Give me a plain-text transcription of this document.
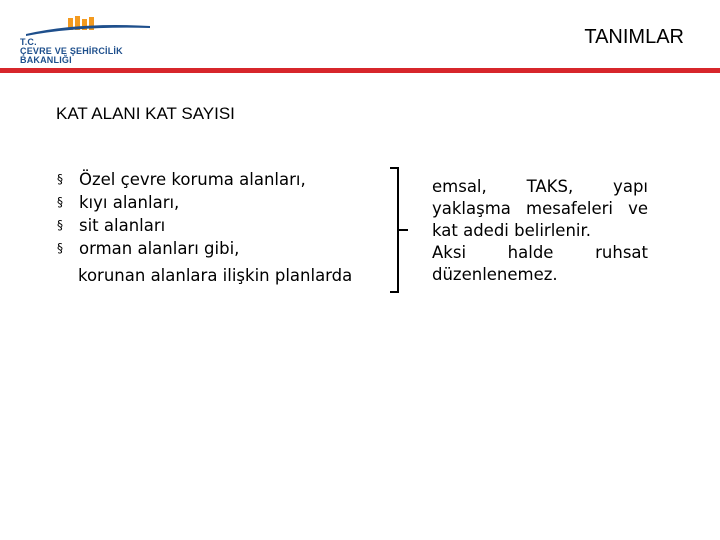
T.C.
ÇEVRE VE ŞEHİRCİLİK
BAKANLIĞI
TANIMLAR
KAT ALANI KAT SAYISI
§ Özel çevre koruma alanları,
§ kıyı alanları,
§ sit alanları
§ orman alanları gibi,
korunan alanlara ilişkin planlarda
emsal, TAKS, yapı
yaklaşma mesafeleri ve
kat adedi belirlenir.
Aksi halde ruhsat
düzenlenemez.
